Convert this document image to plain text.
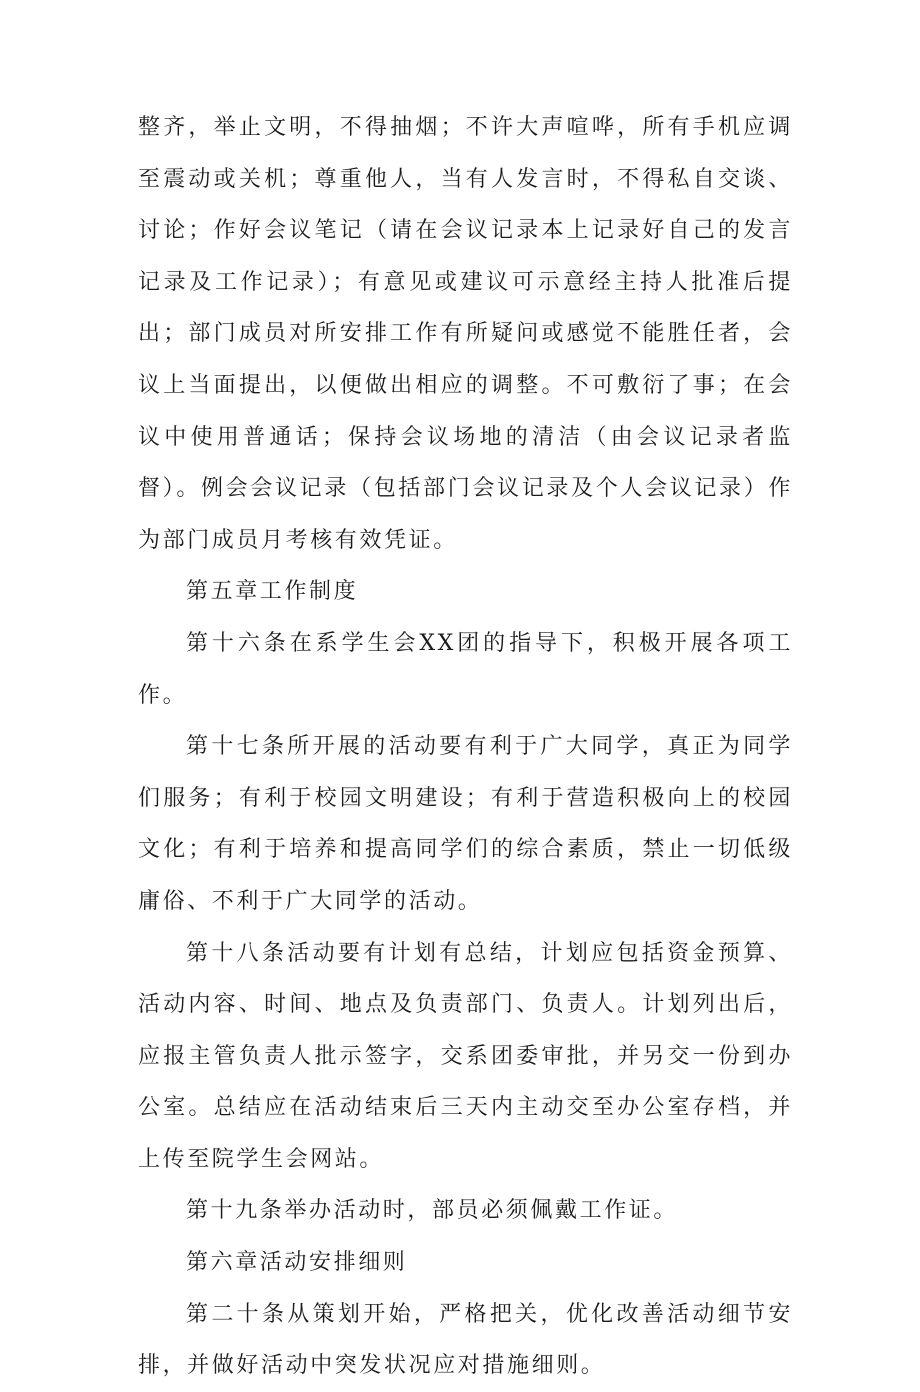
整齐，举止文明，不得抽烟；不许大声喧哗，所有手机应调至震动或关机；尊重他人，当有人发言时，不得私自交谈、讨论；作好会议笔记（请在会议记录本上记录好自己的发言记录及工作记录）；有意见或建议可示意经主持人批准后提出；部门成员对所安排工作有所疑问或感觉不能胜任者，会议上当面提出，以便做出相应的调整。不可敷衍了事；在会议中使用普通话；保持会议场地的清洁（由会议记录者监督）。例会会议记录（包括部门会议记录及个人会议记录）作为部门成员月考核有效凭证。

第五章工作制度

第十六条在系学生会XX团的指导下，积极开展各项工作。

第十七条所开展的活动要有利于广大同学，真正为同学们服务；有利于校园文明建设；有利于营造积极向上的校园文化；有利于培养和提高同学们的综合素质，禁止一切低级庸俗、不利于广大同学的活动。

第十八条活动要有计划有总结，计划应包括资金预算、活动内容、时间、地点及负责部门、负责人。计划列出后，应报主管负责人批示签字，交系团委审批，并另交一份到办公室。总结应在活动结束后三天内主动交至办公室存档，并上传至院学生会网站。

第十九条举办活动时，部员必须佩戴工作证。

第六章活动安排细则

第二十条从策划开始，严格把关，优化改善活动细节安排，并做好活动中突发状况应对措施细则。
